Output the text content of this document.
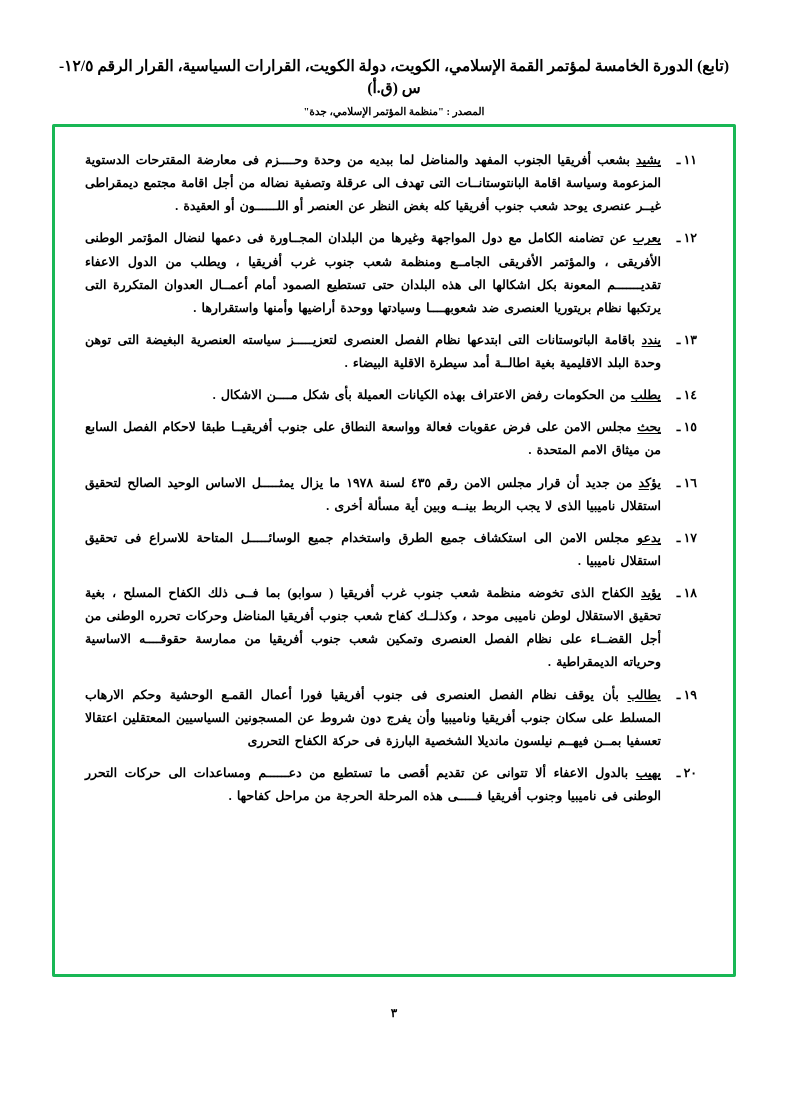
(تابع) الدورة الخامسة لمؤتمر القمة الإسلامي، الكويت، دولة الكويت، القرارات السياسية، القرار الرقم ١٢/٥-س (ق.أ)
المصدر : "منظمة المؤتمر الإسلامي، جدة"
١١ ـ
يشيد بشعب أفريقيا الجنوب المفهد والمناضل لما ببديه من وحدة وحــــزم فى معارضة المقترحات الدستوية المزعومة وسياسة اقامة البانتوستانــات التى تهدف الى عرقلة وتصفية نضاله من أجل اقامة مجتمع ديمقراطى غيــر عنصرى يوحد شعب جنوب أفريقيا كله بغض النظر عن العنصر أو اللــــــون أو العقيدة .
١٢ ـ
يعرب عن تضامنه الكامل مع دول المواجهة وغيرها من البلدان المجــاورة فى دعمها لنضال المؤتمر الوطنى الأفريقى ، والمؤتمر الأفريقى الجامــع ومنظمة شعب جنوب غرب أفريقيا ، ويطلب من الدول الاعفاء تقديـــــــم المعونة بكل اشكالها الى هذه البلدان حتى تستطيع الصمود أمام أعمــال العدوان المتكررة التى يرتكبها نظام بريتوريا العنصرى ضد شعوبهــــا وسيادتها ووحدة أراضيها وأمنها واستقرارها .
١٣ ـ
يندد باقامة الباتوستانات التى ابتدعها نظام الفصل العنصرى لتعزيـــــز سياسته العنصرية البغيضة التى توهن وحدة البلد الاقليمية بغية اطالــة أمد سيطرة الاقلية البيضاء .
١٤ ـ
يطلب من الحكومات رفض الاعتراف بهذه الكيانات العميلة بأى شكل مــــن الاشكال .
١٥ ـ
يحث مجلس الامن على فرض عقوبات فعالة وواسعة النطاق على جنوب أفريقيــا طبقا لاحكام الفصل السابع من ميثاق الامم المتحدة .
١٦ ـ
يؤكد من جديد أن قرار مجلس الامن رقم ٤٣٥ لسنة ١٩٧٨ ما يزال يمثـــــل الاساس الوحيد الصالح لتحقيق استقلال ناميبيا الذى لا يجب الربط بينــه وبين أية مسألة أخرى .
١٧ ـ
يدعو مجلس الامن الى استكشاف جميع الطرق واستخدام جميع الوسائـــــل المتاحة للاسراع فى تحقيق استقلال ناميبيا .
١٨ ـ
يؤيد الكفاح الذى تخوضه منظمة شعب جنوب غرب أفريقيا ( سوابو) بما فــى ذلك الكفاح المسلح ، بغية تحقيق الاستقلال لوطن ناميبى موحد ، وكذلــك كفاح شعب جنوب أفريقيا المناضل وحركات تحرره الوطنى من أجل القضــاء على نظام الفصل العنصرى وتمكين شعب جنوب أفريقيا من ممارسة حقوقــــه الاساسية وحرياته الديمقراطية .
١٩ ـ
يطالب بأن يوقف نظام الفصل العنصرى فى جنوب أفريقيا فورا أعمال القمـع الوحشية وحكم الارهاب المسلط على سكان جنوب أفريقيا وناميبيا وأن يفرج دون شروط عن المسجونين السياسيين المعتقلين اعتقالا تعسفيا بمــن فيهــم نيلسون مانديلا الشخصية البارزة فى حركة الكفاح التحررى
٢٠ ـ
يهيب بالدول الاعفاء ألا تتوانى عن تقديم أقصى ما تستطيع من دعــــــم ومساعدات الى حركات التحرر الوطنى فى ناميبيا وجنوب أفريقيا فـــــى هذه المرحلة الحرجة من مراحل كفاحها .
٣
